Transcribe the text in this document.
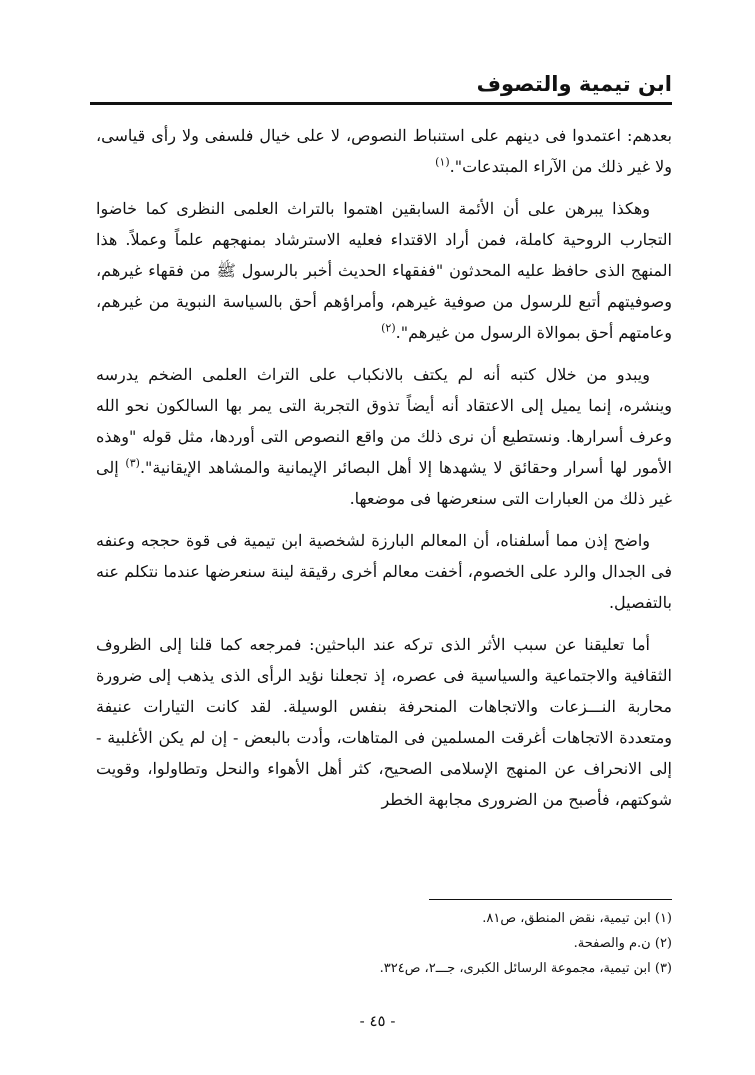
ابن تيمية والتصوف

بعدهم: اعتمدوا فى دينهم على استنباط النصوص، لا على خيال فلسفى ولا رأى قياسى، ولا غير ذلك من الآراء المبتدعات".$^{(١)}$

وهكذا يبرهن على أن الأئمة السابقين اهتموا بالتراث العلمى النظرى كما خاضوا التجارب الروحية كاملة، فمن أراد الاقتداء فعليه الاسترشاد بمنهجهم علماً وعملاً. هذا المنهج الذى حافظ عليه المحدثون "ففقهاء الحديث أخبر بالرسول ﷺ من فقهاء غيرهم، وصوفيتهم أتبع للرسول من صوفية غيرهم، وأمراؤهم أحق بالسياسة النبوية من غيرهم، وعامتهم أحق بموالاة الرسول من غيرهم".$^{(٢)}$

ويبدو من خلال كتبه أنه لم يكتف بالانكباب على التراث العلمى الضخم يدرسه وينشره، إنما يميل إلى الاعتقاد أنه أيضاً تذوق التجربة التى يمر بها السالكون نحو الله وعرف أسرارها. ونستطيع أن نرى ذلك من واقع النصوص التى أوردها، مثل قوله "وهذه الأمور لها أسرار وحقائق لا يشهدها إلا أهل البصائر الإيمانية والمشاهد الإيقانية".$^{(٣)}$ إلى غير ذلك من العبارات التى سنعرضها فى موضعها.

واضح إذن مما أسلفناه، أن المعالم البارزة لشخصية ابن تيمية فى قوة حججه وعنفه فى الجدال والرد على الخصوم، أخفت معالم أخرى رقيقة لينة سنعرضها عندما نتكلم عنه بالتفصيل.

أما تعليقنا عن سبب الأثر الذى تركه عند الباحثين: فمرجعه كما قلنا إلى الظروف الثقافية والاجتماعية والسياسية فى عصره، إذ تجعلنا نؤيد الرأى الذى يذهب إلى ضرورة محاربة النـــزعات والاتجاهات المنحرفة بنفس الوسيلة. لقد كانت التيارات عنيفة ومتعددة الاتجاهات أغرقت المسلمين فى المتاهات، وأدت بالبعض - إن لم يكن الأغلبية - إلى الانحراف عن المنهج الإسلامى الصحيح، كثر أهل الأهواء والنحل وتطاولوا، وقويت شوكتهم، فأصبح من الضرورى مجابهة الخطر

(١) ابن تيمية، نقض المنطق، ص٨١.

(٢) ن.م والصفحة.

(٣) ابن تيمية، مجموعة الرسائل الكبرى، جـــ٢، ص٣٢٤.

- ٤٥ -
